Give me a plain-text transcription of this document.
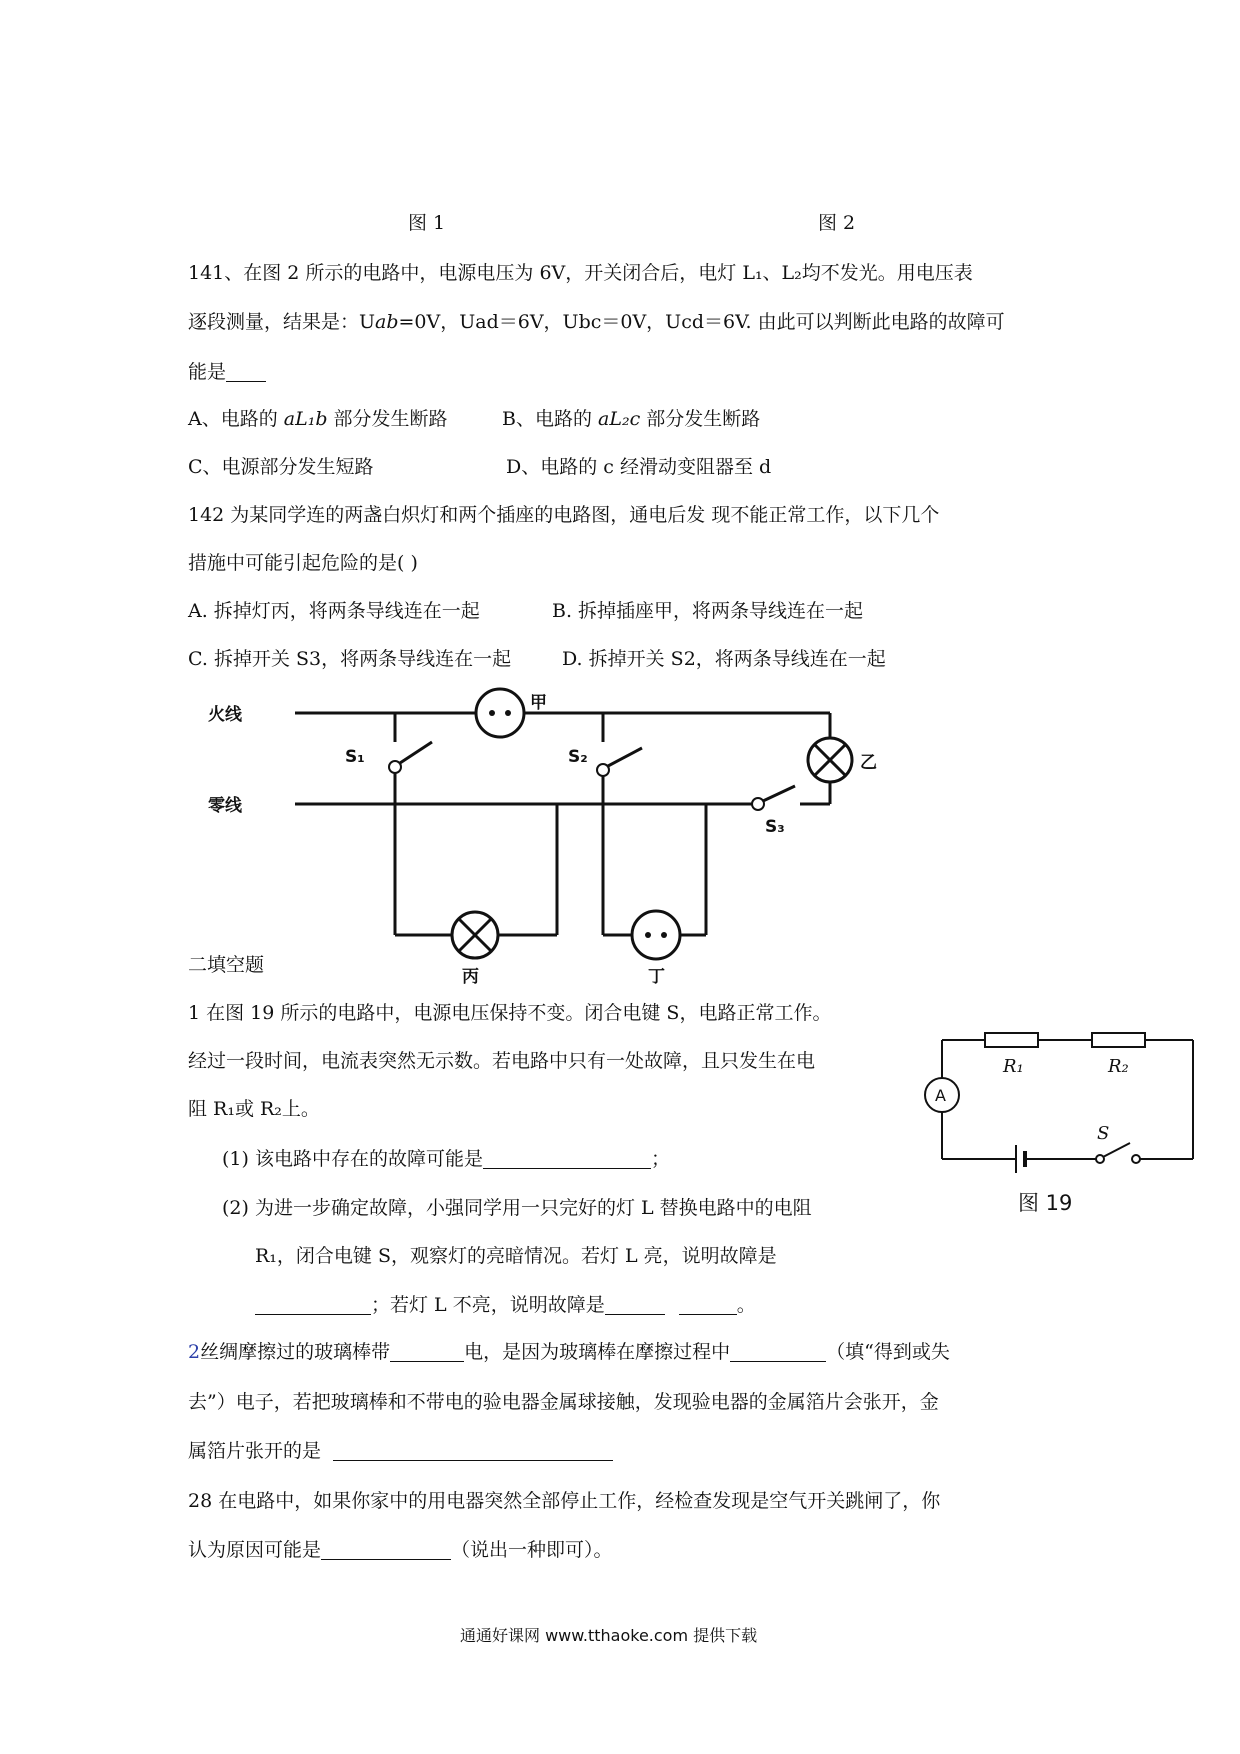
图 1	图 2
141、在图 2 所示的电路中，电源电压为 6V，开关闭合后，电灯 L₁、L₂均不发光。用电压表
逐段测量，结果是：Uab=0V，Uad＝6V，Ubc＝0V，Ucd＝6V. 由此可以判断此电路的故障可
能是
A、电路的 aL₁b 部分发生断路	B、电路的 aL₂c 部分发生断路
C、电源部分发生短路	D、电路的 c 经滑动变阻器至 d
142 为某同学连的两盏白炽灯和两个插座的电路图，通电后发 现不能正常工作，以下几个
措施中可能引起危险的是( )
A. 拆掉灯丙，将两条导线连在一起	B. 拆掉插座甲，将两条导线连在一起
C. 拆掉开关 S3，将两条导线连在一起	D. 拆掉开关 S2，将两条导线连在一起
火线
零线
甲
乙
丙	丁
S₁	S₂
S₃
二填空题
1 在图 19 所示的电路中，电源电压保持不变。闭合电键 S，电路正常工作。
经过一段时间，电流表突然无示数。若电路中只有一处故障，且只发生在电
阻 R₁或 R₂上。
(1) 该电路中存在的故障可能是	；
(2) 为进一步确定故障，小强同学用一只完好的灯 L 替换电路中的电阻
R₁，闭合电键 S，观察灯的亮暗情况。若灯 L 亮，说明故障是
；若灯 L 不亮，说明故障是	。
R₁	R₂
A
S
图 19
2丝绸摩擦过的玻璃棒带	电，是因为玻璃棒在摩擦过程中	（填“得到或失
去”）电子，若把玻璃棒和不带电的验电器金属球接触，发现验电器的金属箔片会张开，金
属箔片张开的是
28 在电路中，如果你家中的用电器突然全部停止工作，经检查发现是空气开关跳闸了，你
认为原因可能是	（说出一种即可）。
通通好课网 www.tthaoke.com 提供下载
